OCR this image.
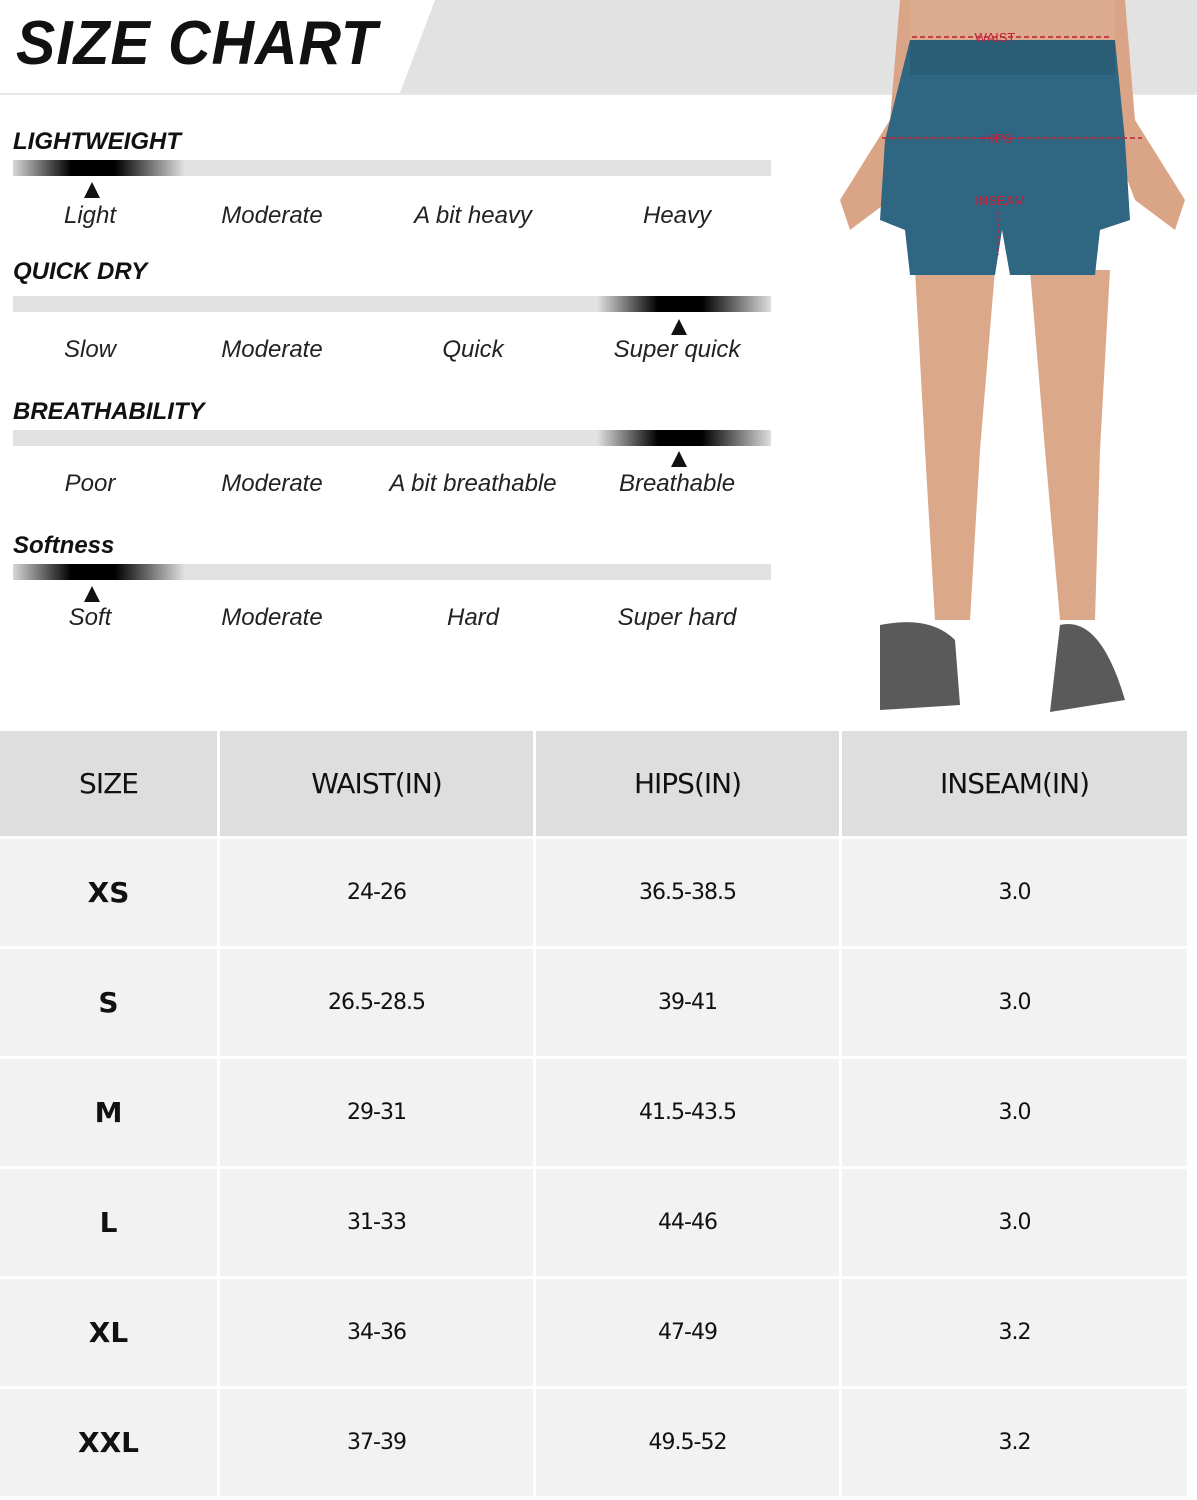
SIZE CHART
LIGHTWEIGHT
Light	Moderate	A bit heavy	Heavy
QUICK DRY
Slow	Moderate	Quick	Super quick
BREATHABILITY
Poor	Moderate	A bit breathable	Breathable
Softness
Soft	Moderate	Hard	Super hard
WAIST
HIPS
INSEAM
SIZE	WAIST(IN)	HIPS(IN)	INSEAM(IN)
XS	24-26	36.5-38.5	3.0
S	26.5-28.5	39-41	3.0
M	29-31	41.5-43.5	3.0
L	31-33	44-46	3.0
XL	34-36	47-49	3.2
XXL	37-39	49.5-52	3.2
